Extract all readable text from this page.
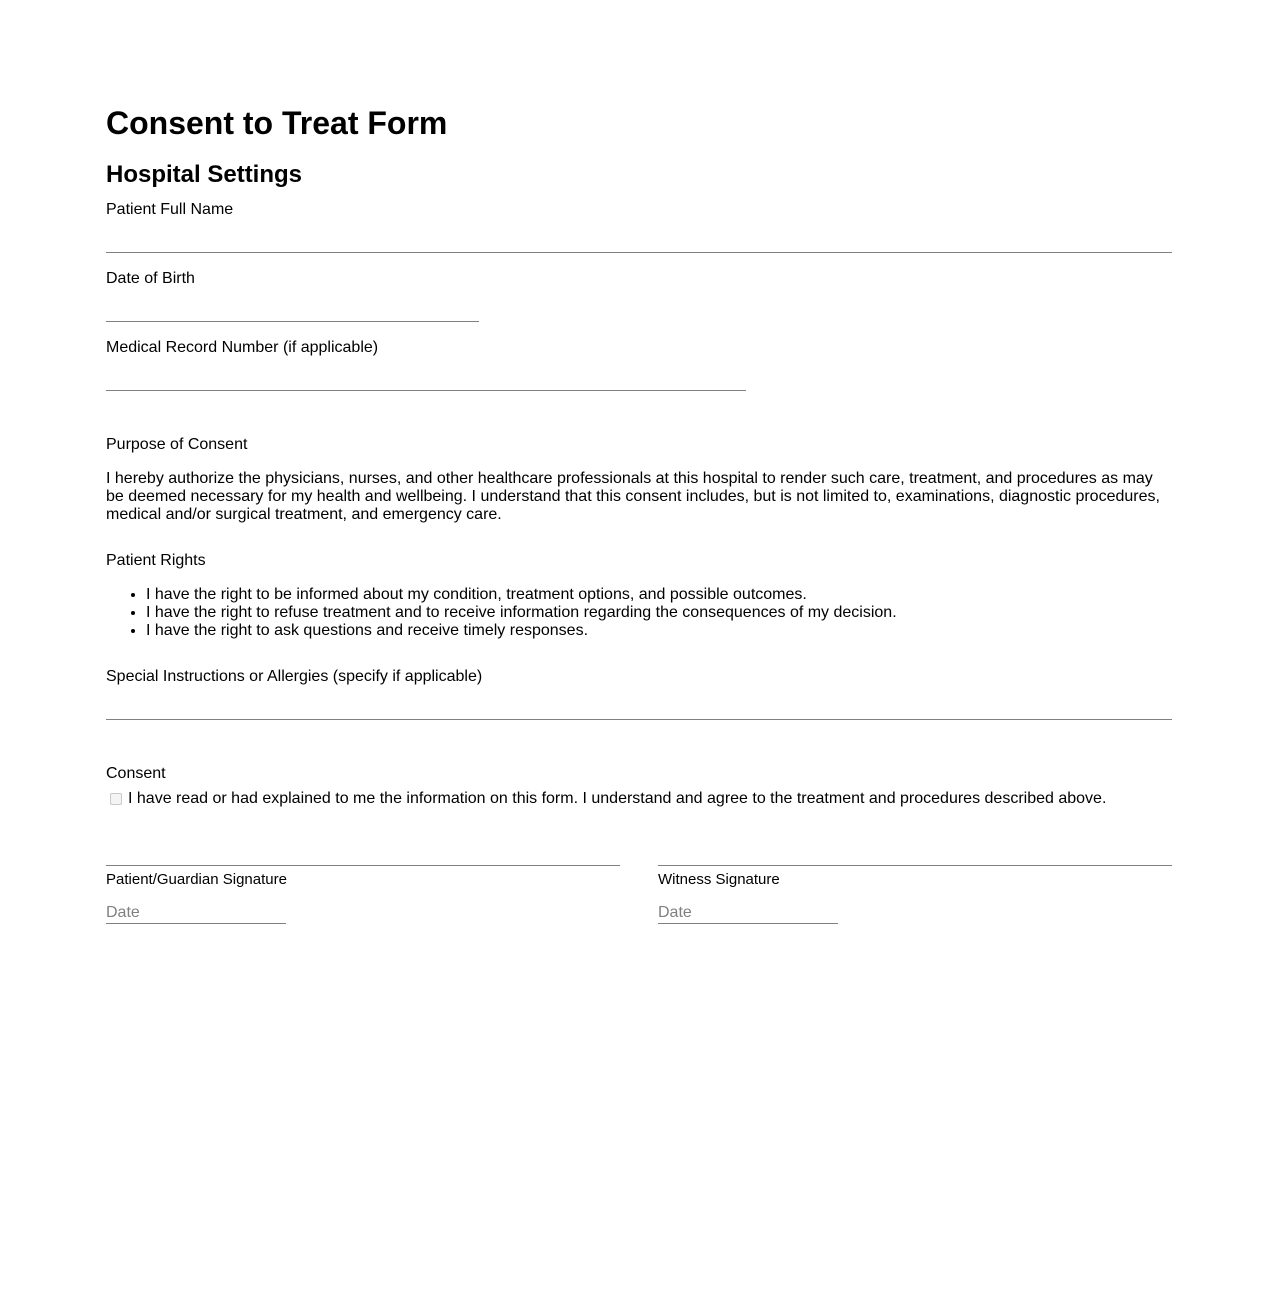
Consent to Treat Form
Hospital Settings
Patient Full Name
Date of Birth
Medical Record Number (if applicable)
Purpose of Consent

I hereby authorize the physicians, nurses, and other healthcare professionals at this hospital to render such care, treatment, and procedures as may be deemed necessary for my health and wellbeing. I understand that this consent includes, but is not limited to, examinations, diagnostic procedures, medical and/or surgical treatment, and emergency care.

Patient Rights
• I have the right to be informed about my condition, treatment options, and possible outcomes.
• I have the right to refuse treatment and to receive information regarding the consequences of my decision.
• I have the right to ask questions and receive timely responses.
Special Instructions or Allergies (specify if applicable)
Consent
I have read or had explained to me the information on this form. I understand and agree to the treatment and procedures described above.
Patient/Guardian Signature
Date	Witness Signature
Date
